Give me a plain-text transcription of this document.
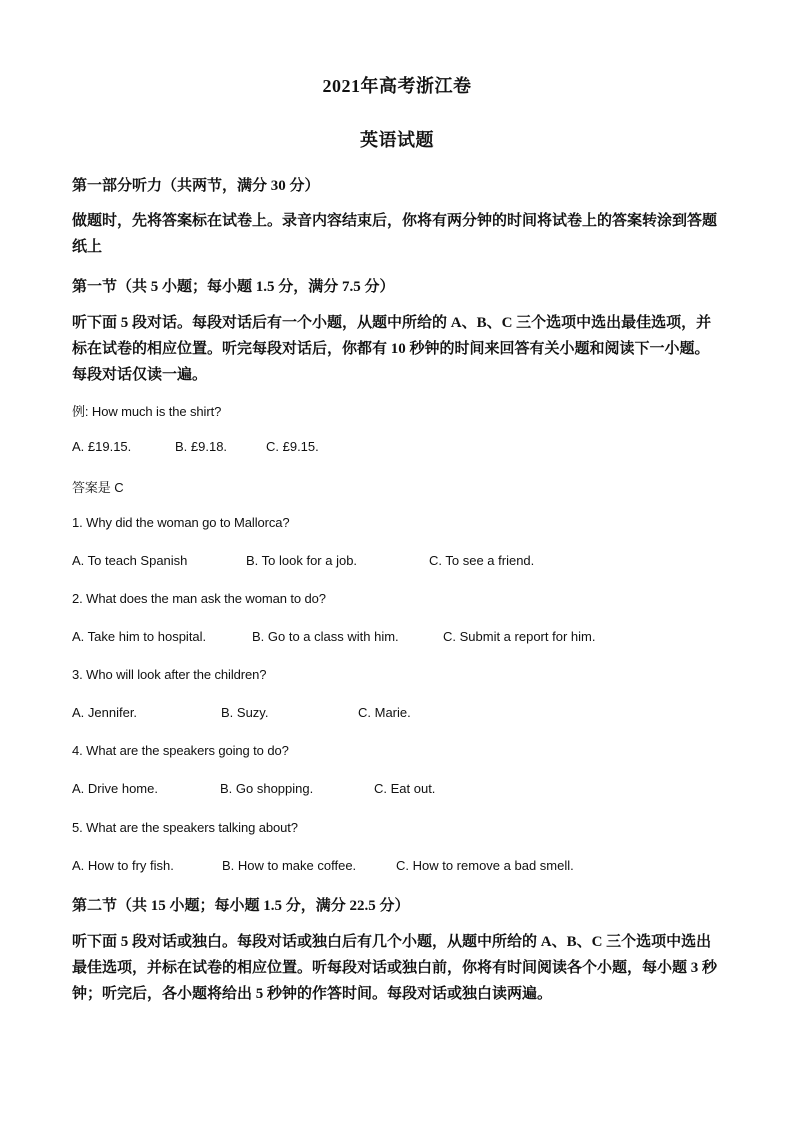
2021年高考浙江卷
英语试题
第一部分听力（共两节，满分 30 分）
做题时，先将答案标在试卷上。录音内容结束后，你将有两分钟的时间将试卷上的答案转涂到答题纸上
第一节（共 5 小题；每小题 1.5 分，满分 7.5 分）
听下面 5 段对话。每段对话后有一个小题，从题中所给的 A、B、C 三个选项中选出最佳选项，并标在试卷的相应位置。听完每段对话后，你都有 10 秒钟的时间来回答有关小题和阅读下一小题。每段对话仅读一遍。
例: How much is the shirt?
A. £19.15.	B. £9.18.	C. £9.15.
答案是 C
1. Why did the woman go to Mallorca?
A. To teach Spanish	B. To look for a job.	C. To see a friend.
2. What does the man ask the woman to do?
A. Take him to hospital.	B. Go to a class with him.	C. Submit a report for him.
3. Who will look after the children?
A. Jennifer.	B. Suzy.	C. Marie.
4. What are the speakers going to do?
A. Drive home.	B. Go shopping.	C. Eat out.
5. What are the speakers talking about?
A. How to fry fish.	B. How to make coffee.	C. How to remove a bad smell.
第二节（共 15 小题；每小题 1.5 分，满分 22.5 分）
听下面 5 段对话或独白。每段对话或独白后有几个小题，从题中所给的 A、B、C 三个选项中选出最佳选项，并标在试卷的相应位置。听每段对话或独白前，你将有时间阅读各个小题，每小题 3 秒钟；听完后，各小题将给出 5 秒钟的作答时间。每段对话或独白读两遍。
